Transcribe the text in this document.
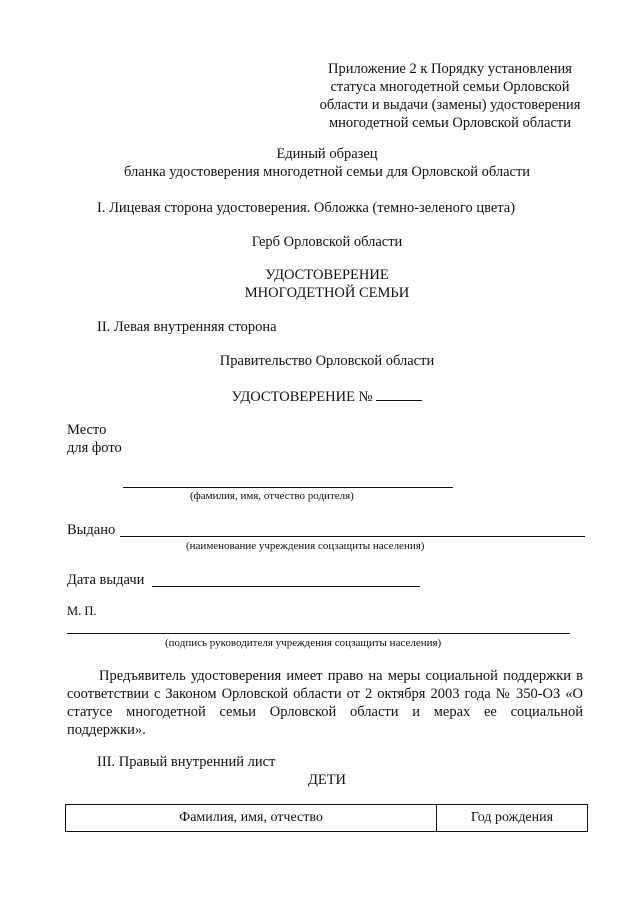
Приложение 2 к Порядку установления
статуса многодетной семьи Орловской
области и выдачи (замены) удостоверения
многодетной семьи Орловской области
Единый образец
бланка удостоверения многодетной семьи для Орловской области
I. Лицевая сторона удостоверения. Обложка (темно-зеленого цвета)
Герб Орловской области
УДОСТОВЕРЕНИЕ
МНОГОДЕТНОЙ СЕМЬИ
II. Левая внутренняя сторона
Правительство Орловской области
УДОСТОВЕРЕНИЕ №
Место
для фото
(фамилия, имя, отчество родителя)
Выдано
(наименование учреждения соцзащиты населения)
Дата выдачи
М. П.
(подпись руководителя учреждения соцзащиты населения)
Предъявитель удостоверения имеет право на меры социальной поддержки в соответствии с Законом Орловской области от 2 октября 2003 года № 350-ОЗ «О статусе многодетной семьи Орловской области и мерах ее социальной поддержки».
III. Правый внутренний лист
ДЕТИ
Фамилия, имя, отчество	Год рождения
